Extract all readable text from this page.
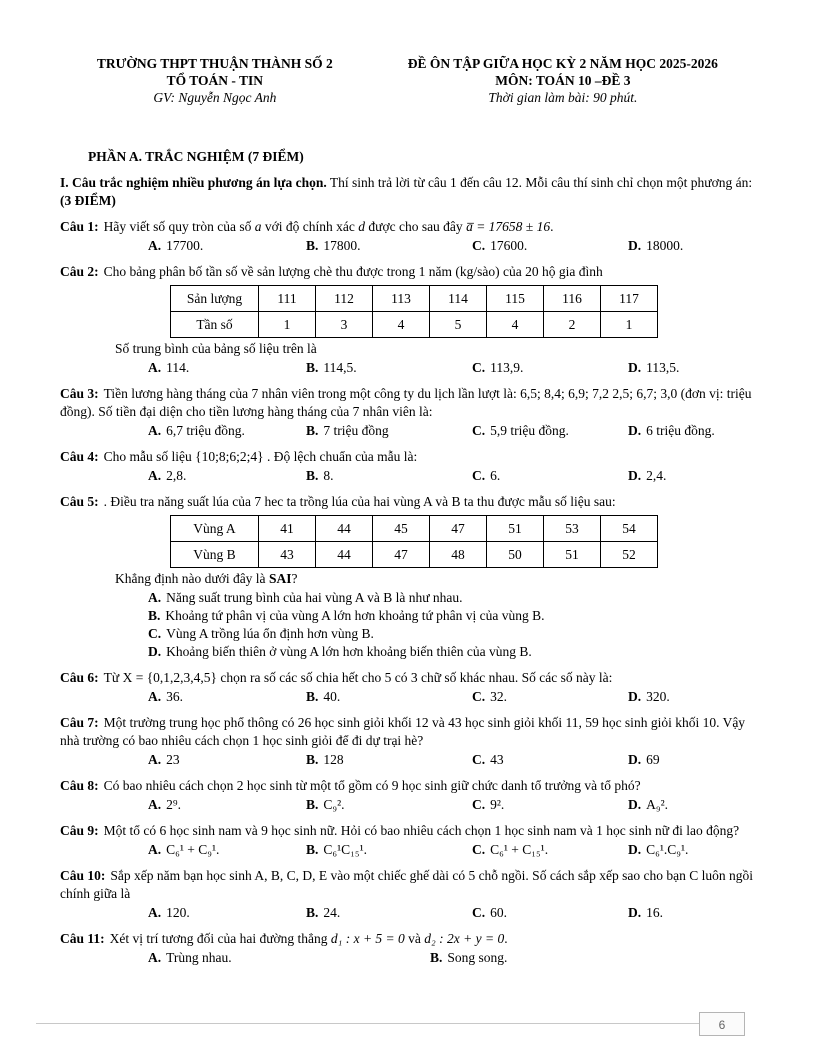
TRƯỜNG THPT THUẬN THÀNH SỐ 2
TỔ TOÁN - TIN
GV: Nguyễn Ngọc Anh
ĐỀ ÔN TẬP GIỮA HỌC KỲ 2 NĂM HỌC 2025-2026
MÔN: TOÁN 10 –ĐỀ 3
Thời gian làm bài: 90 phút.
PHẦN A. TRẮC NGHIỆM (7 ĐIỂM)

I. Câu trắc nghiệm nhiều phương án lựa chọn. Thí sinh trả lời từ câu 1 đến câu 12. Mỗi câu thí sinh chỉ chọn một phương án: (3 ĐIỂM)

Câu 1: Hãy viết số quy tròn của số a với độ chính xác d được cho sau đây a̅ = 17658 ± 16.

A. 17700.	B. 17800.	C. 17600.	D. 18000.

Câu 2: Cho bảng phân bố tần số về sản lượng chè thu được trong 1 năm (kg/sào) của 20 hộ gia đình

Sản lượng	111	112	113	114	115	116	117
Tần số	1	3	4	5	4	2	1

Số trung bình của bảng số liệu trên là

A. 114.	B. 114,5.	C. 113,9.	D. 113,5.

Câu 3: Tiền lương hàng tháng của 7 nhân viên trong một công ty du lịch lần lượt là: 6,5; 8,4; 6,9; 7,2 2,5; 6,7; 3,0 (đơn vị: triệu đồng). Số tiền đại diện cho tiền lương hàng tháng của 7 nhân viên là:

A. 6,7 triệu đồng.	B. 7 triệu đồng	C. 5,9 triệu đồng.	D. 6 triệu đồng.

Câu 4: Cho mẫu số liệu {10;8;6;2;4} . Độ lệch chuẩn của mẫu là:

A. 2,8.	B. 8.	C. 6.	D. 2,4.

Câu 5: . Điều tra năng suất lúa của 7 hec ta trồng lúa của hai vùng A và B ta thu được mẫu số liệu sau:

Vùng A	41	44	45	47	51	53	54
Vùng B	43	44	47	48	50	51	52

Khẳng định nào dưới đây là SAI?

A. Năng suất trung bình của hai vùng A và B là như nhau.
B. Khoảng tứ phân vị của vùng A lớn hơn khoảng tứ phân vị của vùng B.
C. Vùng A trồng lúa ổn định hơn vùng B.
D. Khoảng biến thiên ở vùng A lớn hơn khoảng biến thiên của vùng B.

Câu 6: Từ X = {0,1,2,3,4,5} chọn ra số các số chia hết cho 5 có 3 chữ số khác nhau. Số các số này là:

A. 36.	B. 40.	C. 32.	D. 320.

Câu 7: Một trường trung học phổ thông có 26 học sinh giỏi khối 12 và 43 học sinh giỏi khối 11, 59 học sinh giỏi khối 10. Vậy nhà trường có bao nhiêu cách chọn 1 học sinh giỏi để đi dự trại hè?

A. 23	B. 128	C. 43	D. 69

Câu 8: Có bao nhiêu cách chọn 2 học sinh từ một tổ gồm có 9 học sinh giữ chức danh tổ trưởng và tổ phó?

A. 2⁹.	B. C₉².	C. 9².	D. A₉².

Câu 9: Một tổ có 6 học sinh nam và 9 học sinh nữ. Hỏi có bao nhiêu cách chọn 1 học sinh nam và 1 học sinh nữ đi lao động?

A. C₆¹ + C₉¹.	B. C₆¹C₁₅¹.	C. C₆¹ + C₁₅¹.	D. C₆¹.C₉¹.

Câu 10: Sắp xếp năm bạn học sinh A, B, C, D, E vào một chiếc ghế dài có 5 chỗ ngồi. Số cách sắp xếp sao cho bạn C luôn ngồi chính giữa là

A. 120.	B. 24.	C. 60.	D. 16.

Câu 11: Xét vị trí tương đối của hai đường thẳng d₁ : x + 5 = 0 và d₂ : 2x + y = 0.

A. Trùng nhau.	B. Song song.
6
